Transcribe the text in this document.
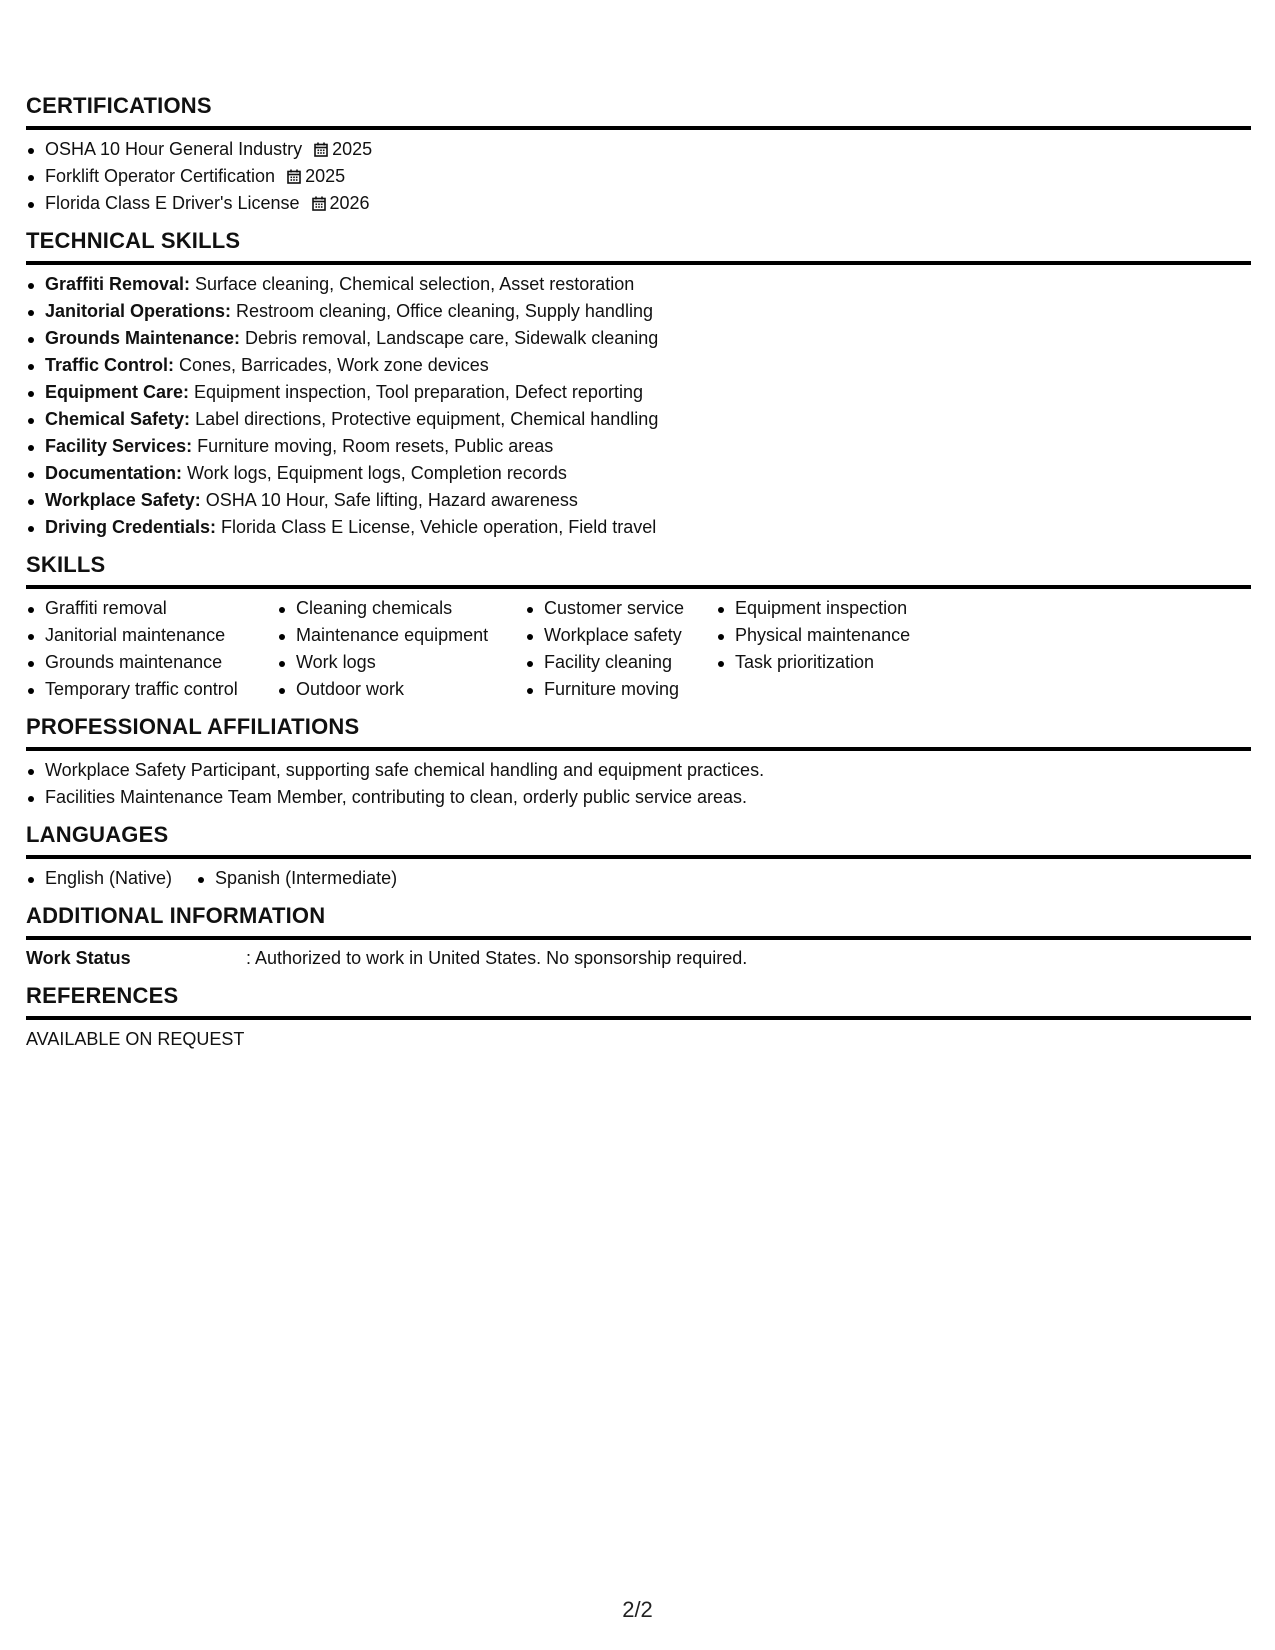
CERTIFICATIONS
OSHA 10 Hour General Industry 2025
Forklift Operator Certification 2025
Florida Class E Driver's License 2026
TECHNICAL SKILLS
Graffiti Removal: Surface cleaning, Chemical selection, Asset restoration
Janitorial Operations: Restroom cleaning, Office cleaning, Supply handling
Grounds Maintenance: Debris removal, Landscape care, Sidewalk cleaning
Traffic Control: Cones, Barricades, Work zone devices
Equipment Care: Equipment inspection, Tool preparation, Defect reporting
Chemical Safety: Label directions, Protective equipment, Chemical handling
Facility Services: Furniture moving, Room resets, Public areas
Documentation: Work logs, Equipment logs, Completion records
Workplace Safety: OSHA 10 Hour, Safe lifting, Hazard awareness
Driving Credentials: Florida Class E License, Vehicle operation, Field travel
SKILLS
Graffiti removal
Janitorial maintenance
Grounds maintenance
Temporary traffic control
Cleaning chemicals
Maintenance equipment
Work logs
Outdoor work
Customer service
Workplace safety
Facility cleaning
Furniture moving
Equipment inspection
Physical maintenance
Task prioritization
PROFESSIONAL AFFILIATIONS
Workplace Safety Participant, supporting safe chemical handling and equipment practices.
Facilities Maintenance Team Member, contributing to clean, orderly public service areas.
LANGUAGES
English (Native)	Spanish (Intermediate)
ADDITIONAL INFORMATION
Work Status	: Authorized to work in United States. No sponsorship required.
REFERENCES
AVAILABLE ON REQUEST
2/2
